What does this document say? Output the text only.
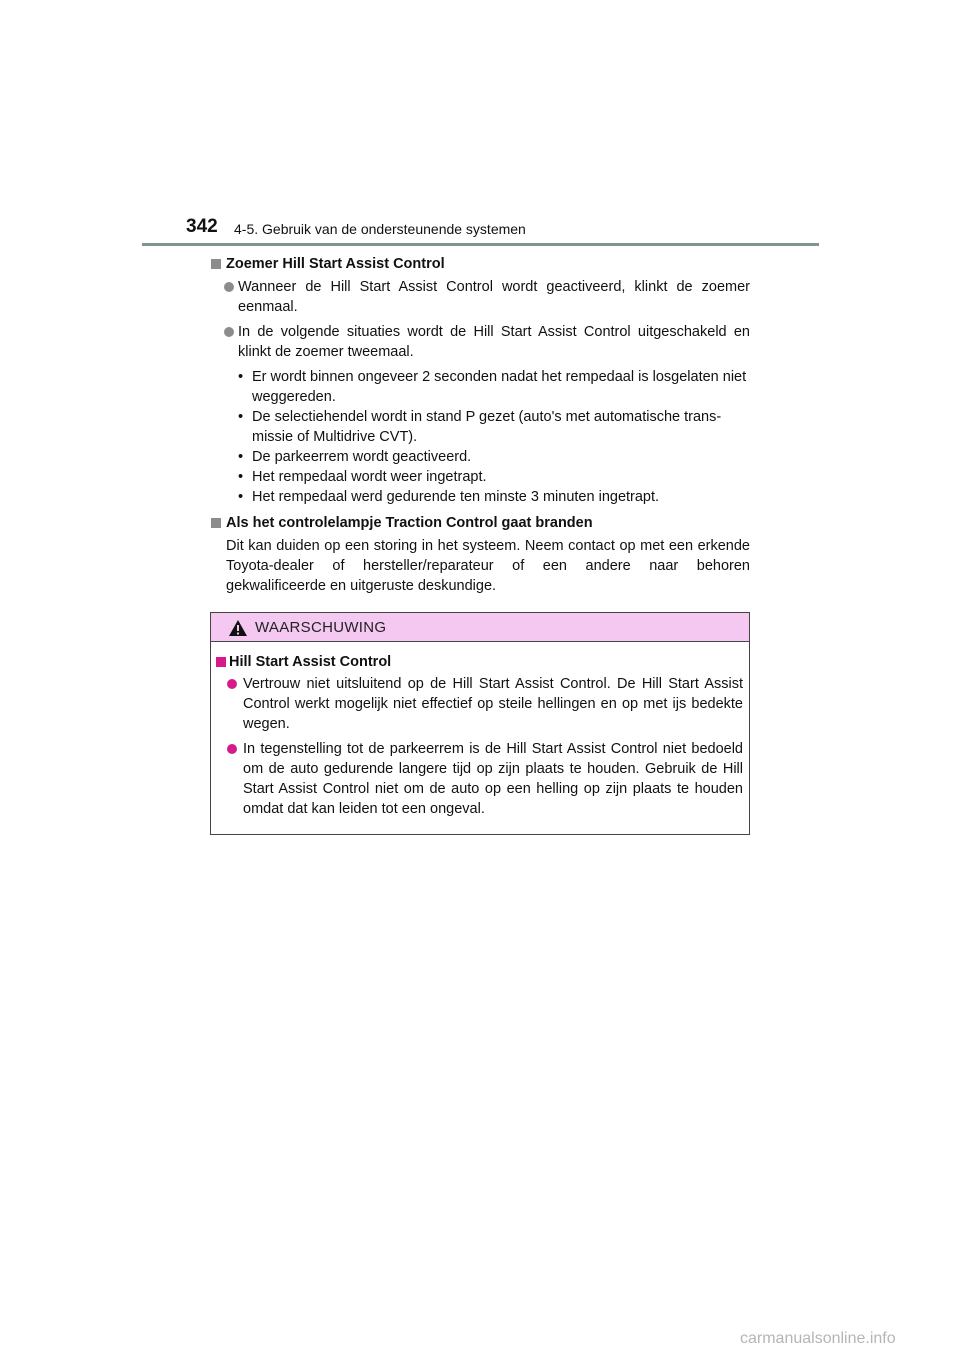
342 4-5. Gebruik van de ondersteunende systemen

Zoemer Hill Start Assist Control

Wanneer de Hill Start Assist Control wordt geactiveerd, klinkt de zoemer eenmaal.

In de volgende situaties wordt de Hill Start Assist Control uitgeschakeld en klinkt de zoemer tweemaal.

• Er wordt binnen ongeveer 2 seconden nadat het rempedaal is losgelaten niet weggereden.
• De selectiehendel wordt in stand P gezet (auto's met automatische trans-missie of Multidrive CVT).
• De parkeerrem wordt geactiveerd.
• Het rempedaal wordt weer ingetrapt.
• Het rempedaal werd gedurende ten minste 3 minuten ingetrapt.

Als het controlelampje Traction Control gaat branden

Dit kan duiden op een storing in het systeem. Neem contact op met een erkende Toyota-dealer of hersteller/reparateur of een andere naar behoren gekwalificeerde en uitgeruste deskundige.

WAARSCHUWING

Hill Start Assist Control

Vertrouw niet uitsluitend op de Hill Start Assist Control. De Hill Start Assist Control werkt mogelijk niet effectief op steile hellingen en op met ijs bedekte wegen.

In tegenstelling tot de parkeerrem is de Hill Start Assist Control niet bedoeld om de auto gedurende langere tijd op zijn plaats te houden. Gebruik de Hill Start Assist Control niet om de auto op een helling op zijn plaats te houden omdat dat kan leiden tot een ongeval.

carmanualsonline.info
